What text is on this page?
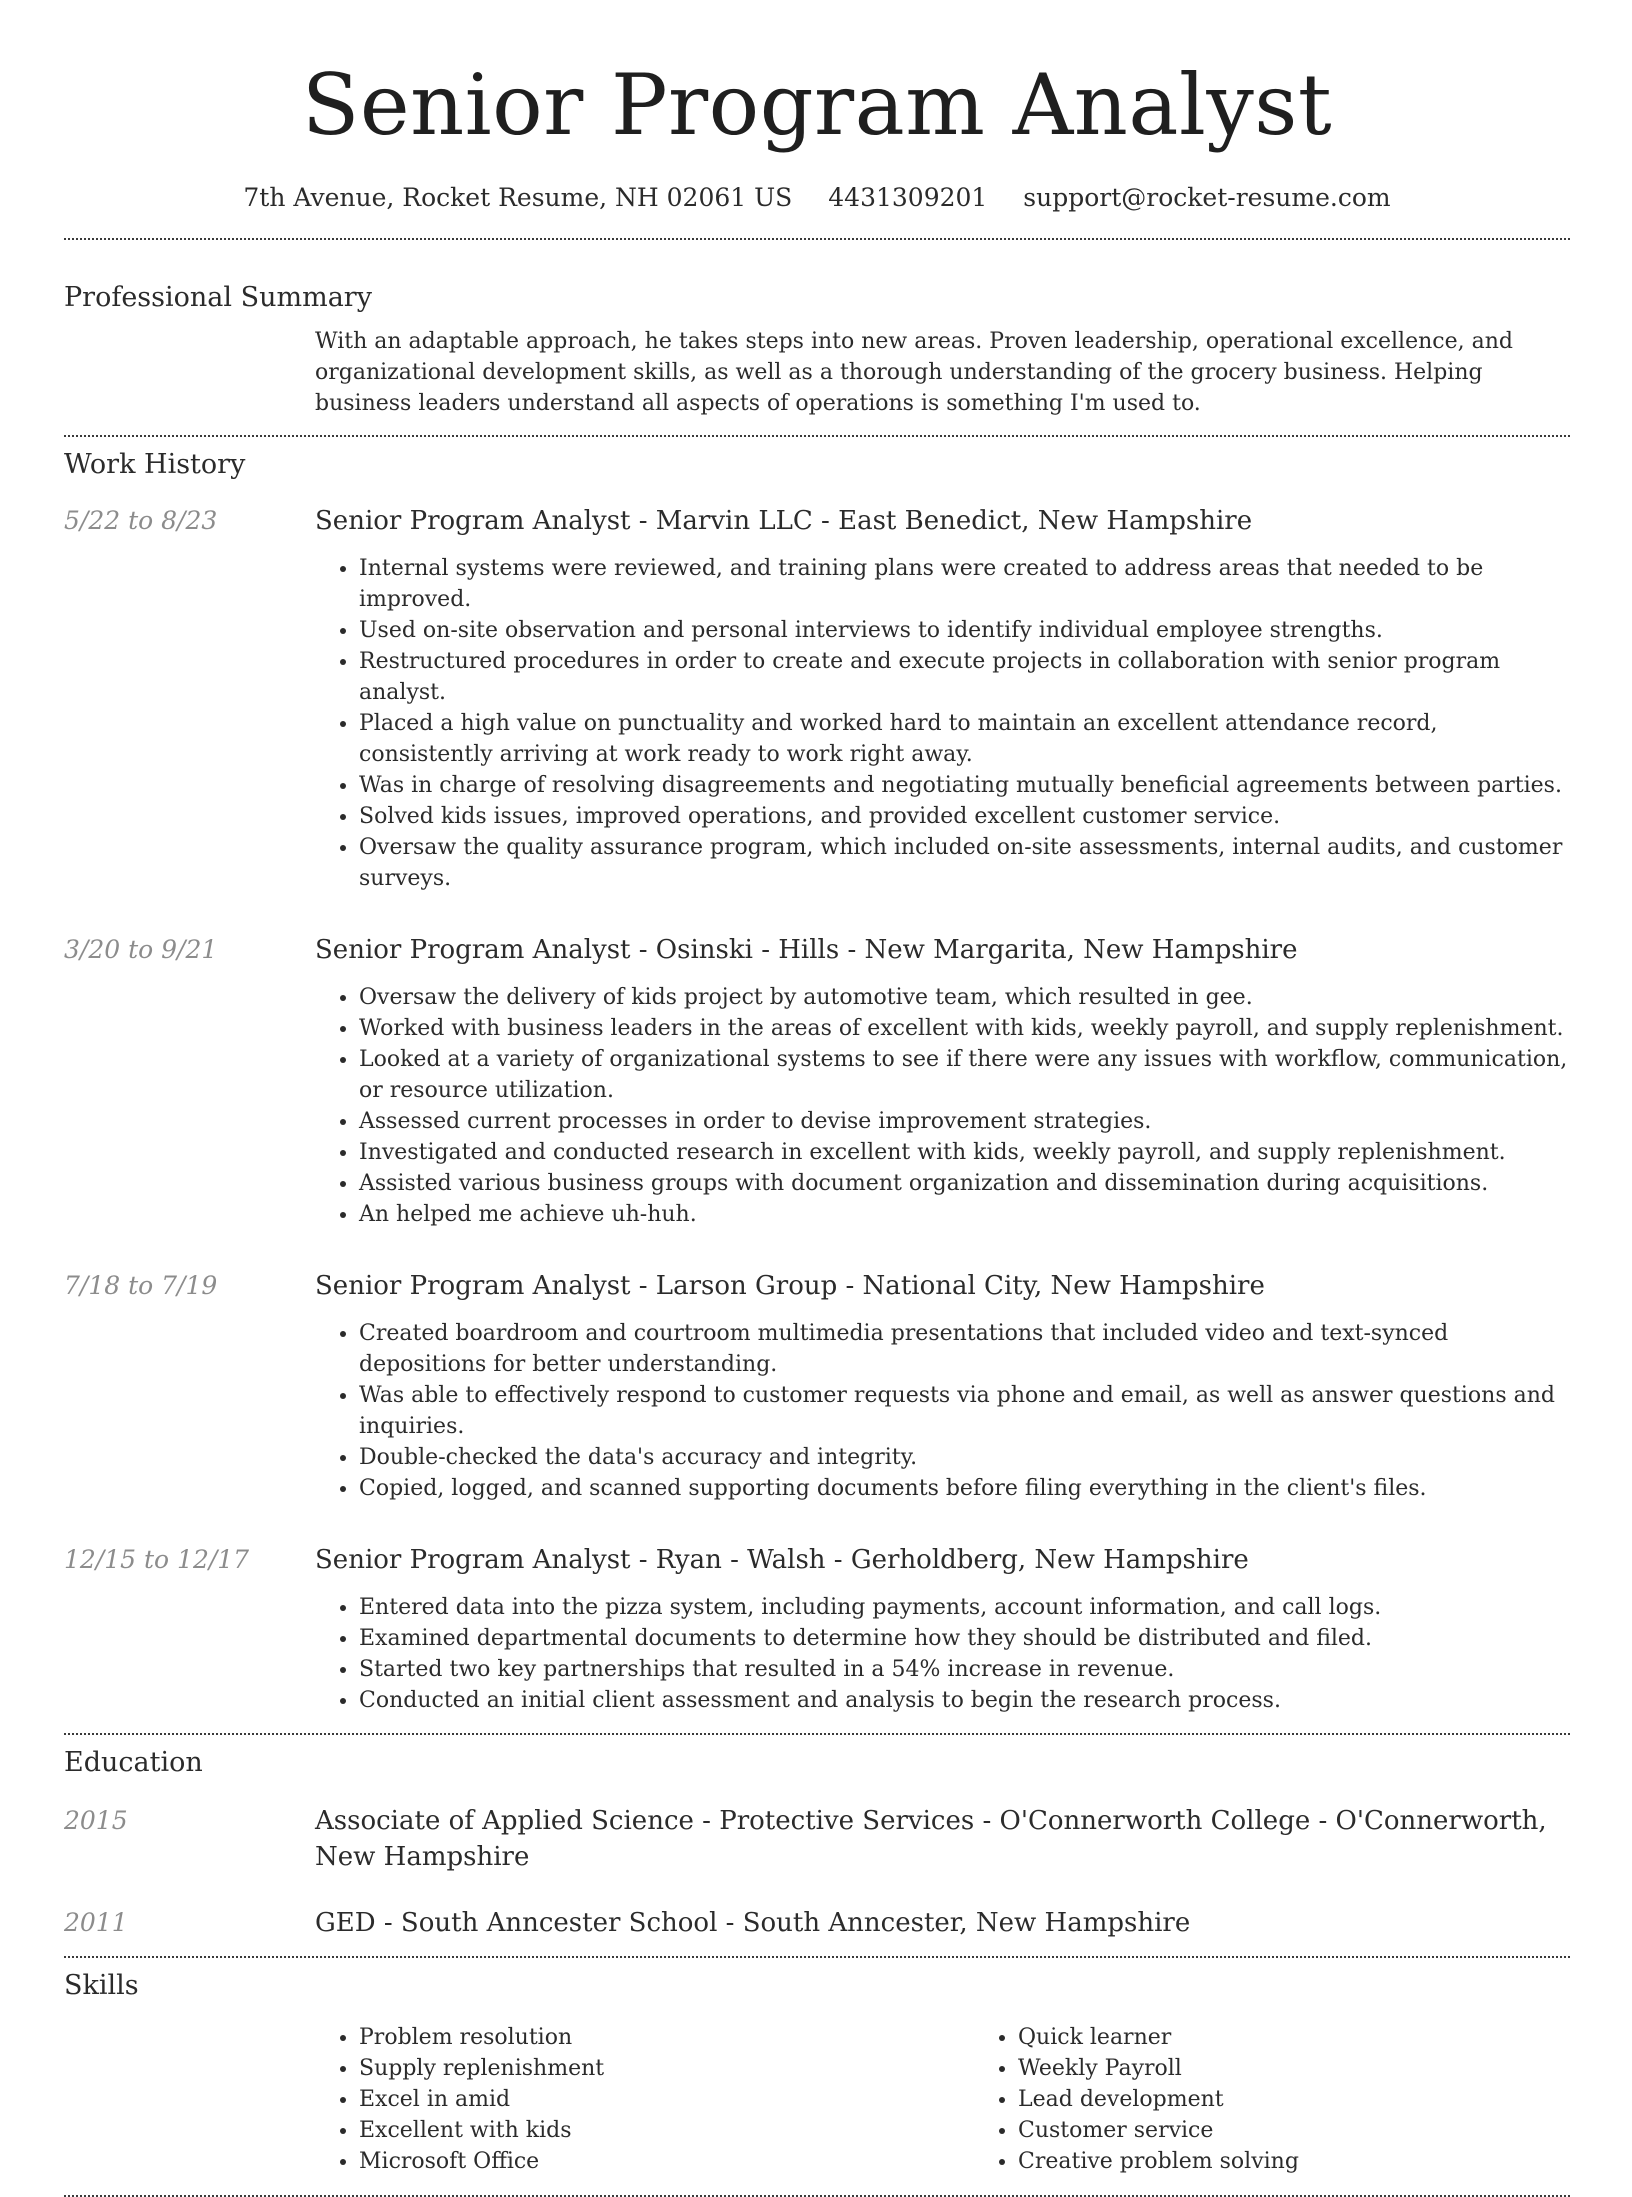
Senior Program Analyst
7th Avenue, Rocket Resume, NH 02061 US 4431309201 support@rocket-resume.com
Professional Summary
With an adaptable approach, he takes steps into new areas. Proven leadership, operational excellence, and organizational development skills, as well as a thorough understanding of the grocery business. Helping business leaders understand all aspects of operations is something I'm used to.
Work History
5/22 to 8/23	Senior Program Analyst - Marvin LLC - East Benedict, New Hampshire
• Internal systems were reviewed, and training plans were created to address areas that needed to be improved.
• Used on-site observation and personal interviews to identify individual employee strengths.
• Restructured procedures in order to create and execute projects in collaboration with senior program analyst.
• Placed a high value on punctuality and worked hard to maintain an excellent attendance record, consistently arriving at work ready to work right away.
• Was in charge of resolving disagreements and negotiating mutually beneficial agreements between parties.
• Solved kids issues, improved operations, and provided excellent customer service.
• Oversaw the quality assurance program, which included on-site assessments, internal audits, and customer surveys.
3/20 to 9/21	Senior Program Analyst - Osinski - Hills - New Margarita, New Hampshire
• Oversaw the delivery of kids project by automotive team, which resulted in gee.
• Worked with business leaders in the areas of excellent with kids, weekly payroll, and supply replenishment.
• Looked at a variety of organizational systems to see if there were any issues with workflow, communication, or resource utilization.
• Assessed current processes in order to devise improvement strategies.
• Investigated and conducted research in excellent with kids, weekly payroll, and supply replenishment.
• Assisted various business groups with document organization and dissemination during acquisitions.
• An helped me achieve uh-huh.
7/18 to 7/19	Senior Program Analyst - Larson Group - National City, New Hampshire
• Created boardroom and courtroom multimedia presentations that included video and text-synced depositions for better understanding.
• Was able to effectively respond to customer requests via phone and email, as well as answer questions and inquiries.
• Double-checked the data's accuracy and integrity.
• Copied, logged, and scanned supporting documents before filing everything in the client's files.
12/15 to 12/17	Senior Program Analyst - Ryan - Walsh - Gerholdberg, New Hampshire
• Entered data into the pizza system, including payments, account information, and call logs.
• Examined departmental documents to determine how they should be distributed and filed.
• Started two key partnerships that resulted in a 54% increase in revenue.
• Conducted an initial client assessment and analysis to begin the research process.
Education
2015	Associate of Applied Science - Protective Services - O'Connerworth College - O'Connerworth, New Hampshire
2011	GED - South Anncester School - South Anncester, New Hampshire
Skills
• Problem resolution
• Supply replenishment
• Excel in amid
• Excellent with kids
• Microsoft Office
• Quick learner
• Weekly Payroll
• Lead development
• Customer service
• Creative problem solving
